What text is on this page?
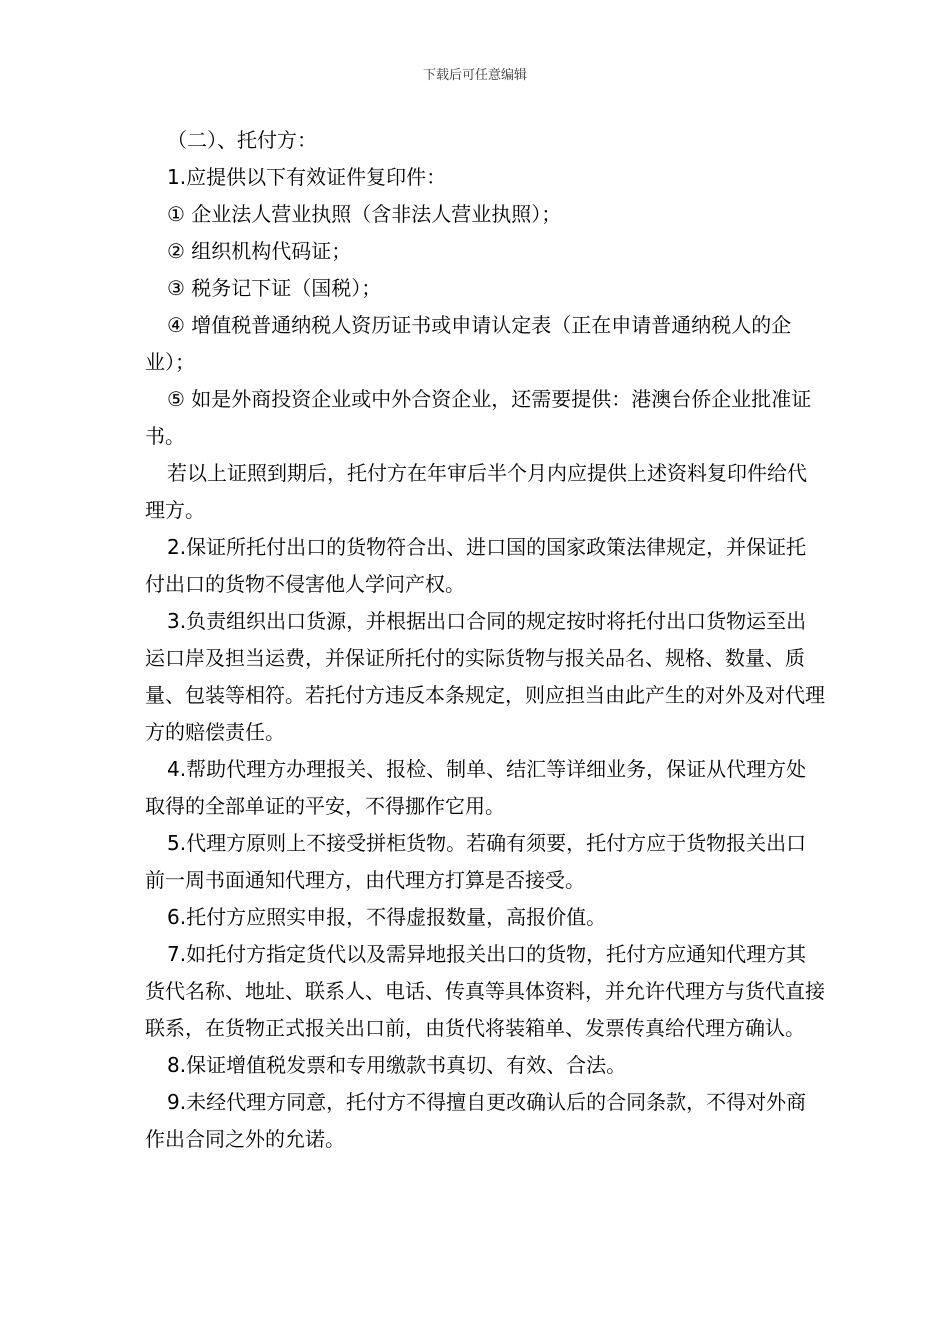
下载后可任意编辑

（二）、托付方：

1.应提供以下有效证件复印件：

① 企业法人营业执照（含非法人营业执照）；

② 组织机构代码证；

③ 税务记下证（国税）；

④ 增值税普通纳税人资历证书或申请认定表（正在申请普通纳税人的企业）；

⑤ 如是外商投资企业或中外合资企业，还需要提供：港澳台侨企业批准证书。

若以上证照到期后，托付方在年审后半个月内应提供上述资料复印件给代理方。

2.保证所托付出口的货物符合出、进口国的国家政策法律规定，并保证托付出口的货物不侵害他人学问产权。

3.负责组织出口货源，并根据出口合同的规定按时将托付出口货物运至出运口岸及担当运费，并保证所托付的实际货物与报关品名、规格、数量、质量、包装等相符。若托付方违反本条规定，则应担当由此产生的对外及对代理方的赔偿责任。

4.帮助代理方办理报关、报检、制单、结汇等详细业务，保证从代理方处取得的全部单证的平安，不得挪作它用。

5.代理方原则上不接受拼柜货物。若确有须要，托付方应于货物报关出口前一周书面通知代理方，由代理方打算是否接受。

6.托付方应照实申报，不得虚报数量，高报价值。

7.如托付方指定货代以及需异地报关出口的货物，托付方应通知代理方其货代名称、地址、联系人、电话、传真等具体资料，并允许代理方与货代直接联系，在货物正式报关出口前，由货代将装箱单、发票传真给代理方确认。

8.保证增值税发票和专用缴款书真切、有效、合法。

9.未经代理方同意，托付方不得擅自更改确认后的合同条款，不得对外商作出合同之外的允诺。
